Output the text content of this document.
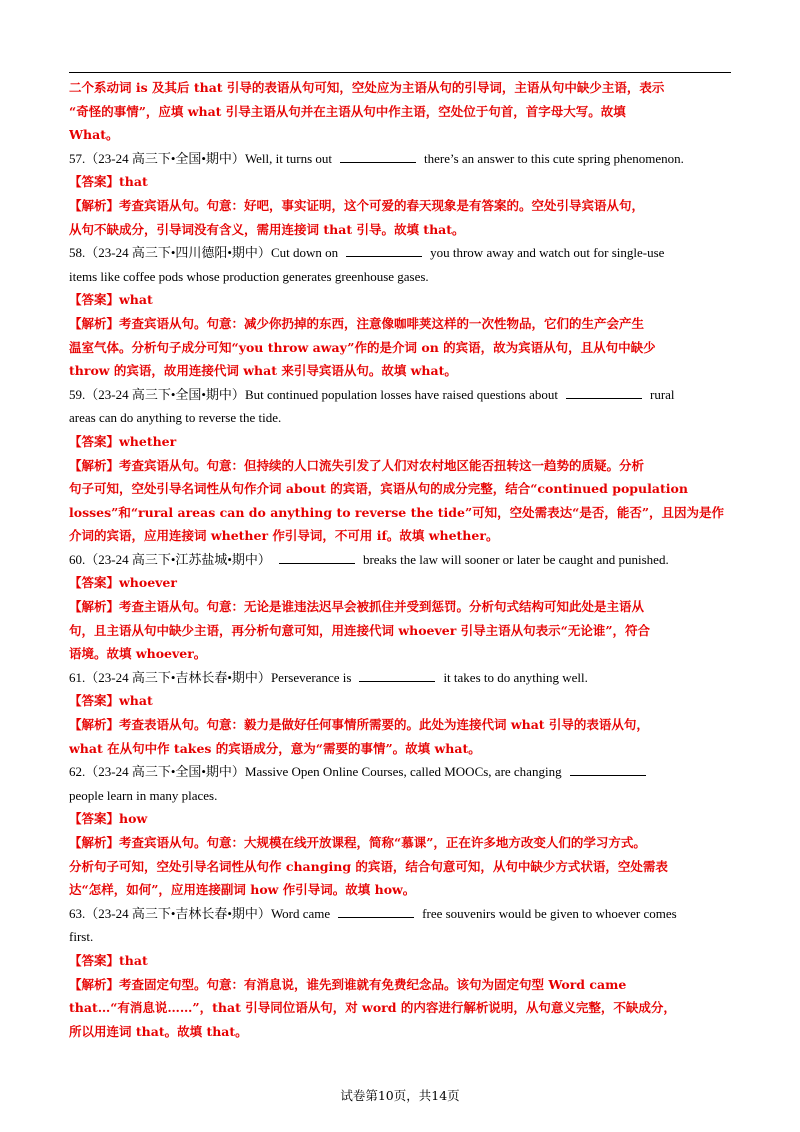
二个系动词 is 及其后 that 引导的表语从句可知，空处应为主语从句的引导词，主语从句中缺少主语，表示
“奇怪的事情”，应填 what 引导主语从句并在主语从句中作主语，空处位于句首，首字母大写。故填
What。
57.（23-24 高三下•全国•期中）Well, it turns out	there’s an answer to this cute spring phenomenon.
【答案】that
【解析】考查宾语从句。句意：好吧，事实证明，这个可爱的春天现象是有答案的。空处引导宾语从句，
从句不缺成分，引导词没有含义，需用连接词 that 引导。故填 that。
58.（23-24 高三下•四川德阳•期中）Cut down on	you throw away and watch out for single-use
items like coffee pods whose production generates greenhouse gases.
【答案】what
【解析】考查宾语从句。句意：减少你扔掉的东西，注意像咖啡荚这样的一次性物品，它们的生产会产生
温室气体。分析句子成分可知“you throw away”作的是介词 on 的宾语，故为宾语从句，且从句中缺少
throw 的宾语，故用连接代词 what 来引导宾语从句。故填 what。
59.（23-24 高三下•全国•期中）But continued population losses have raised questions about	rural
areas can do anything to reverse the tide.
【答案】whether
【解析】考查宾语从句。句意：但持续的人口流失引发了人们对农村地区能否扭转这一趋势的质疑。分析
句子可知，空处引导名词性从句作介词 about 的宾语，宾语从句的成分完整，结合“continued population
losses”和“rural areas can do anything to reverse the tide”可知，空处需表达“是否，能否”，且因为是作
介词的宾语，应用连接词 whether 作引导词，不可用 if。故填 whether。
60.（23-24 高三下•江苏盐城•期中）	breaks the law will sooner or later be caught and punished.
【答案】whoever
【解析】考查主语从句。句意：无论是谁违法迟早会被抓住并受到惩罚。分析句式结构可知此处是主语从
句，且主语从句中缺少主语，再分析句意可知，用连接代词 whoever 引导主语从句表示“无论谁”，符合
语境。故填 whoever。
61.（23-24 高三下•吉林长春•期中）Perseverance is	it takes to do anything well.
【答案】what
【解析】考查表语从句。句意：毅力是做好任何事情所需要的。此处为连接代词 what 引导的表语从句，
what 在从句中作 takes 的宾语成分，意为“需要的事情”。故填 what。
62.（23-24 高三下•全国•期中）Massive Open Online Courses, called MOOCs, are changing
people learn in many places.
【答案】how
【解析】考查宾语从句。句意：大规模在线开放课程，简称“慕课”，正在许多地方改变人们的学习方式。
分析句子可知，空处引导名词性从句作 changing 的宾语，结合句意可知，从句中缺少方式状语，空处需表
达“怎样，如何”，应用连接副词 how 作引导词。故填 how。
63.（23-24 高三下•吉林长春•期中）Word came	free souvenirs would be given to whoever comes
first.
【答案】that
【解析】考查固定句型。句意：有消息说，谁先到谁就有免费纪念品。该句为固定句型 Word came
that…“有消息说……”，that 引导同位语从句，对 word 的内容进行解析说明，从句意义完整，不缺成分，
所以用连词 that。故填 that。
试卷第10页，共14页
